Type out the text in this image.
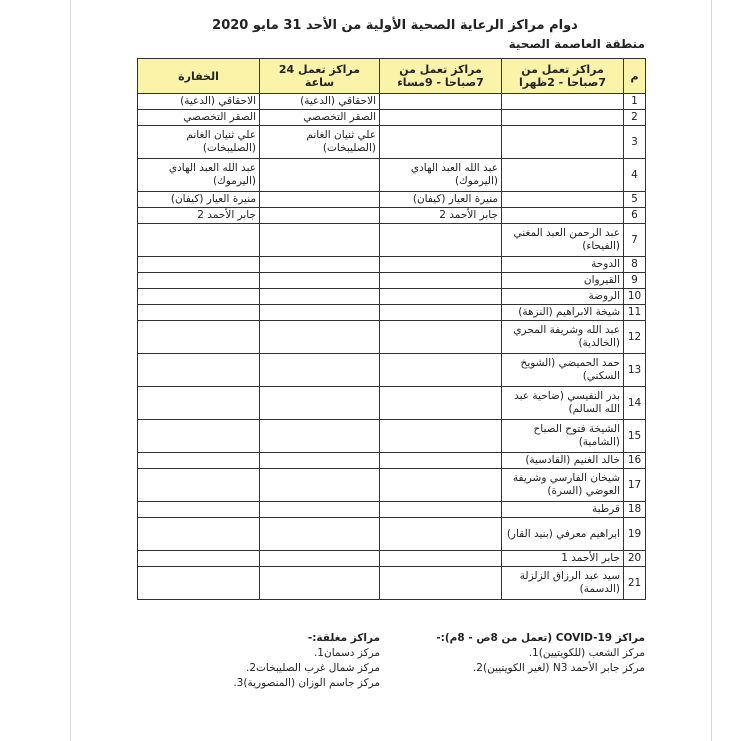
دوام مراكز الرعاية الصحية الأولية من الأحد 31 مايو 2020
منطقة العاصمة الصحية
م	مراكز تعمل من 7صباحا - 2ظهرا	مراكز تعمل من 7صباحا - 9مساء	مراكز تعمل 24 ساعة	الخفارة
1			الاحقاقي (الدعية)	الاحقاقي (الدعية)
2			الصقر التخصصي	الصقر التخصصي
3			علي ثنيان الغانم (الصليبخات)	علي ثنيان الغانم (الصليبخات)
4		عبد الله العبد الهادي (اليرموك)		عبد الله العبد الهادي (اليرموك)
5		منيرة العيار (كيفان)		منيرة العيار (كيفان)
6		جابر الأحمد 2		جابر الأحمد 2
7	عبد الرحمن العبد المغني (الفيحاء)			
8	الدوحة			
9	القيروان			
10	الروضة			
11	شيخة الابراهيم (النزهة)			
12	عبد الله وشريفة المحري (الخالدية)			
13	حمد الحميضي (الشويخ السكني)			
14	بدر النفيسي (ضاحية عبد الله السالم)			
15	الشيخة فتوح الصباح (الشامية)			
16	خالد الغنيم (القادسية)			
17	شيخان الفارسي وشريفة العوضي (السرة)			
18	قرطبة			
19	ابراهيم معرفي (بنيد القار)			
20	جابر الأحمد 1			
21	سيد عبد الرزاق الزلزلة (الدسمة)			
مراكز COVID-19 (تعمل من 8ص - 8م):-
مركز الشعب (للكويتيين)
1.
مركز جابر الأحمد N3 (لغير الكويتيين)
2.
مراكز مغلقة:-
مركز دسمان
1.
مركز شمال غرب الصليبخات
2.
مركز جاسم الوزان (المنصورية)
3.
